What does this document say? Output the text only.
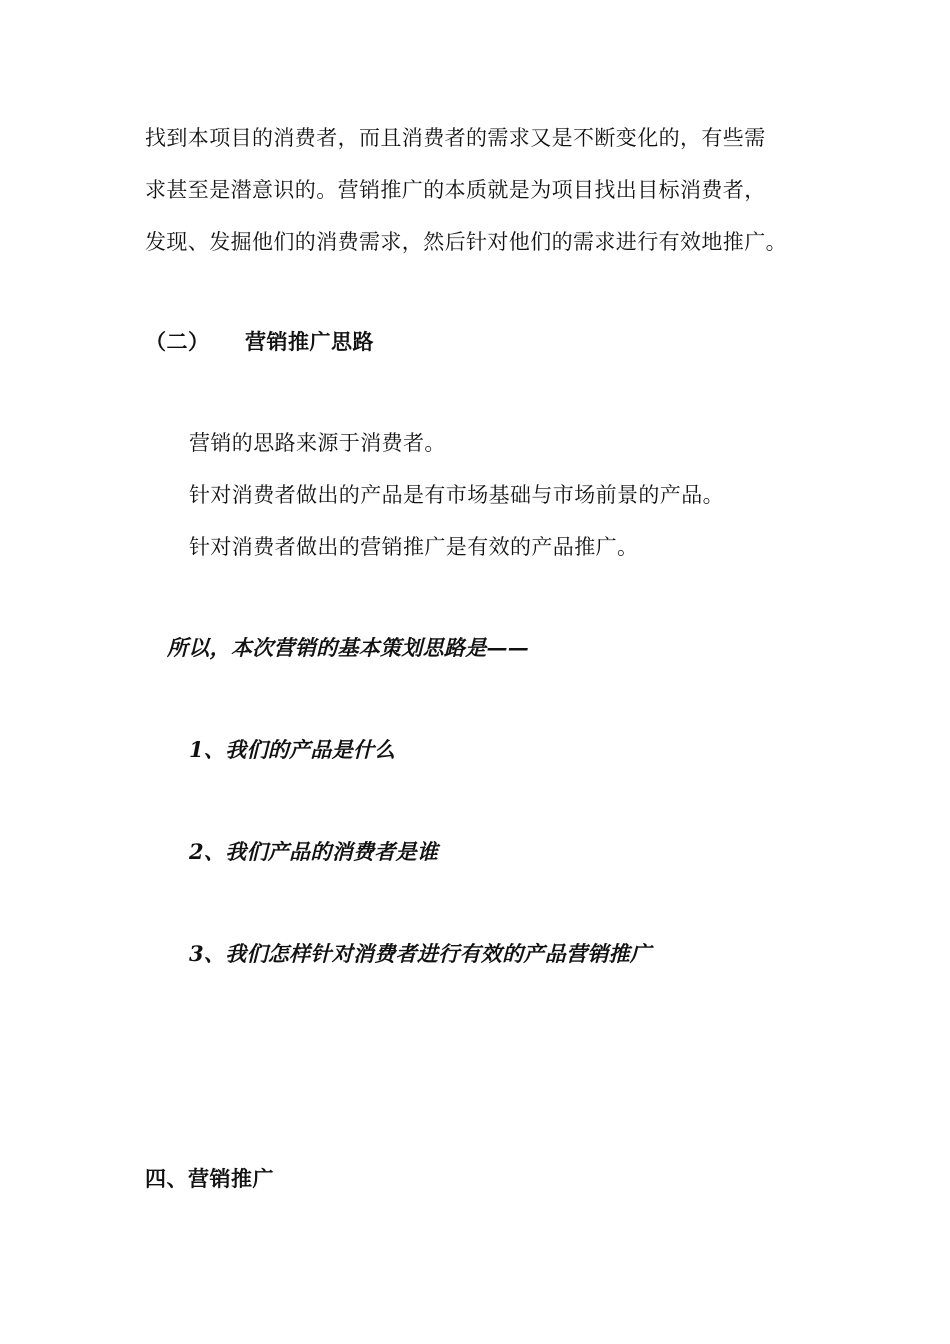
找到本项目的消费者，而且消费者的需求又是不断变化的，有些需
求甚至是潜意识的。营销推广的本质就是为项目找出目标消费者，
发现、发掘他们的消费需求，然后针对他们的需求进行有效地推广。
（二） 营销推广思路
营销的思路来源于消费者。
针对消费者做出的产品是有市场基础与市场前景的产品。
针对消费者做出的营销推广是有效的产品推广。
所以，本次营销的基本策划思路是——
1、我们的产品是什么
2、我们产品的消费者是谁
3、我们怎样针对消费者进行有效的产品营销推广
四、营销推广
